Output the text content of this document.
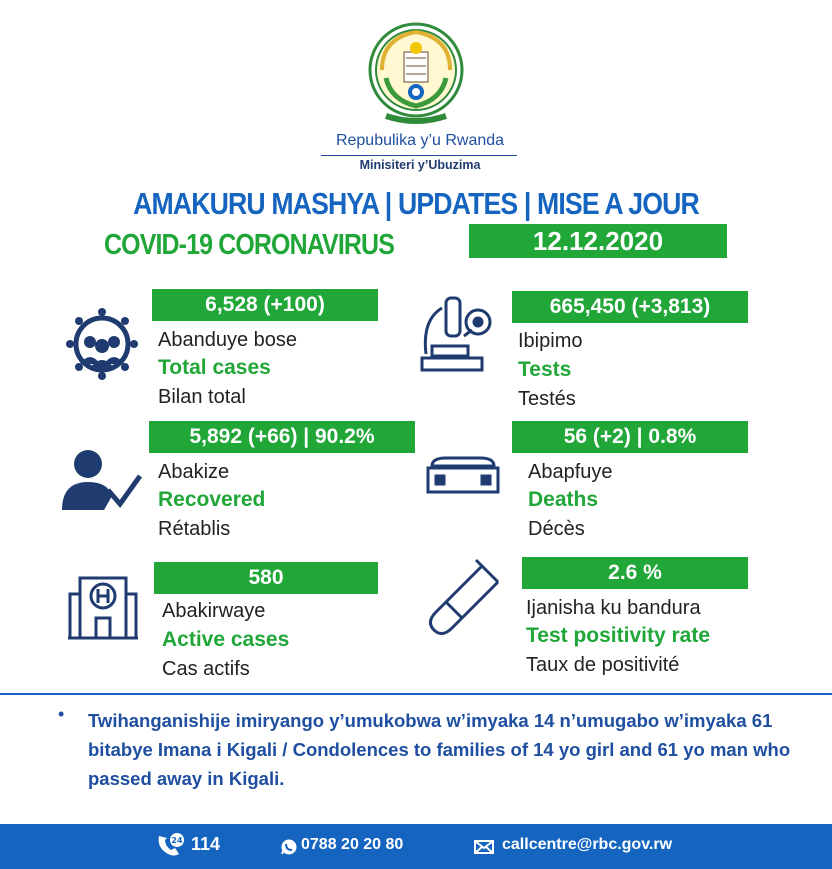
Repubulika y’u Rwanda
Minisiteri y’Ubuzima
AMAKURU MASHYA | UPDATES | MISE A JOUR
COVID-19 CORONAVIRUS	12.12.2020
6,528 (+100)
Abanduye bose
Total cases
Bilan total
665,450 (+3,813)
Ibipimo
Tests
Testés
5,892 (+66) | 90.2%
Abakize
Recovered
Rétablis
56 (+2) | 0.8%
Abapfuye
Deaths
Décès
580
Abakirwaye
Active cases
Cas actifs
2.6 %
Ijanisha ku bandura
Test positivity rate
Taux de positivité
• Twihanganishije imiryango y’umukobwa w’imyaka 14 n’umugabo w’imyaka 61 bitabye Imana i Kigali / Condolences to families of 14 yo girl and 61 yo man who passed away in Kigali.
24 114	0788 20 20 80	callcentre@rbc.gov.rw
